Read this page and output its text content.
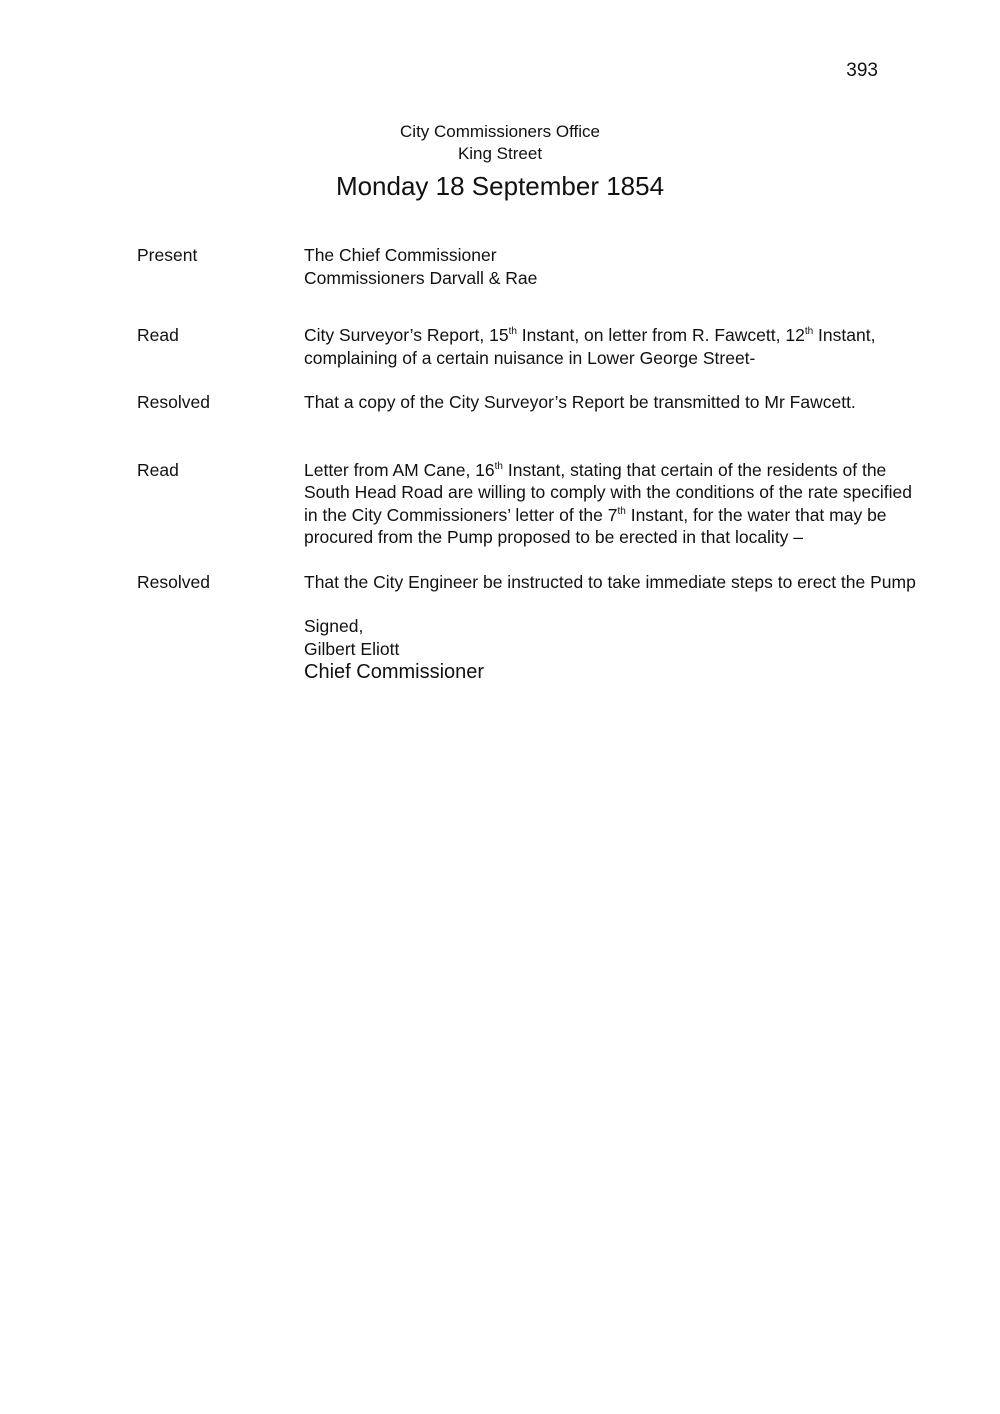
393
City Commissioners Office
King Street
Monday 18 September 1854
Present	The Chief Commissioner

Commissioners Darvall & Rae

Read	City Surveyor’s Report, 15th Instant, on letter from R. Fawcett, 12th Instant, complaining of a certain nuisance in Lower George Street-

Resolved	That a copy of the City Surveyor’s Report be transmitted to Mr Fawcett.

Read	Letter from AM Cane, 16th Instant, stating that certain of the residents of the South Head Road are willing to comply with the conditions of the rate specified in the City Commissioners’ letter of the 7th Instant, for the water that may be procured from the Pump proposed to be erected in that locality –

Resolved	That the City Engineer be instructed to take immediate steps to erect the Pump

Signed,

Gilbert Eliott

Chief Commissioner
